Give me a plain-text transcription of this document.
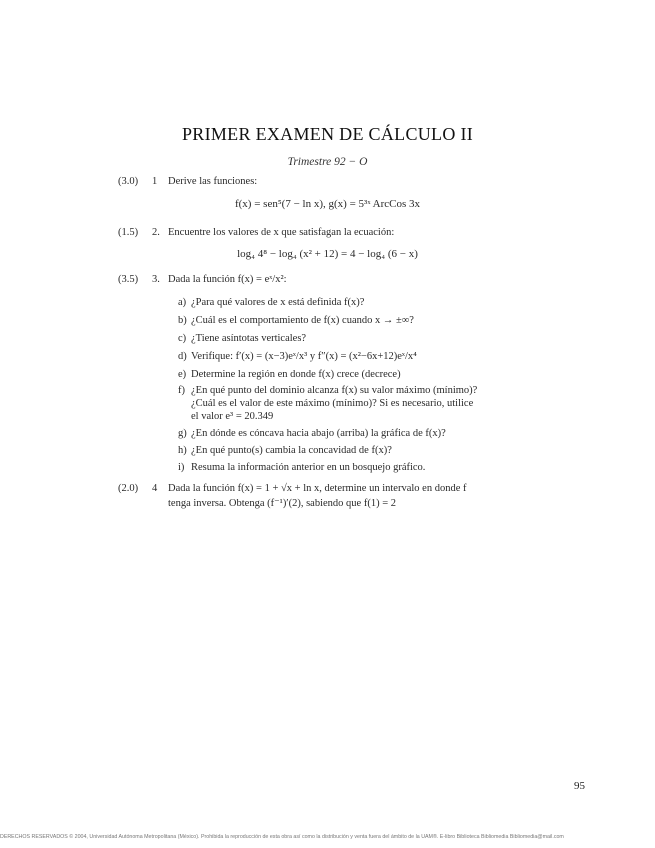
PRIMER EXAMEN DE CÁLCULO II
Trimestre 92 − O
(3.0) 1 Derive las funciones:
f(x) = sen⁵(7 − ln x), g(x) = 5³ˣ ArcCos 3x
(1.5) 2. Encuentre los valores de x que satisfagan la ecuación:
log₄ 4⁸ − log₄ (x² + 12) = 4 − log₄ (6 − x)
(3.5) 3. Dada la función f(x) = eˣ/x²:
a) ¿Para qué valores de x está definida f(x)?
b) ¿Cuál es el comportamiento de f(x) cuando x → ±∞?
c) ¿Tiene asíntotas verticales?
d) Verifique: f′(x) = (x−3)eˣ/x³ y f″(x) = (x²−6x+12)eˣ/x⁴
e) Determine la región en donde f(x) crece (decrece)
f) ¿En qué punto del dominio alcanza f(x) su valor máximo (mínimo)?
¿Cuál es el valor de este máximo (mínimo)? Si es necesario, utilice
el valor e³ = 20.349
g) ¿En dónde es cóncava hacia abajo (arriba) la gráfica de f(x)?
h) ¿En qué punto(s) cambia la concavidad de f(x)?
i) Resuma la información anterior en un bosquejo gráfico.
(2.0) 4 Dada la función f(x) = 1 + √x + ln x, determine un intervalo en donde f
tenga inversa. Obtenga (f⁻¹)′(2), sabiendo que f(1) = 2
95
DERECHOS RESERVADOS © 2004, Universidad Autónoma Metropolitana (México). Prohibida la reproducción de esta obra así como la distribución y venta fuera del ámbito de la UAM®. E-libro Biblioteca Bibliomedia Bibliomedia@mail.com
